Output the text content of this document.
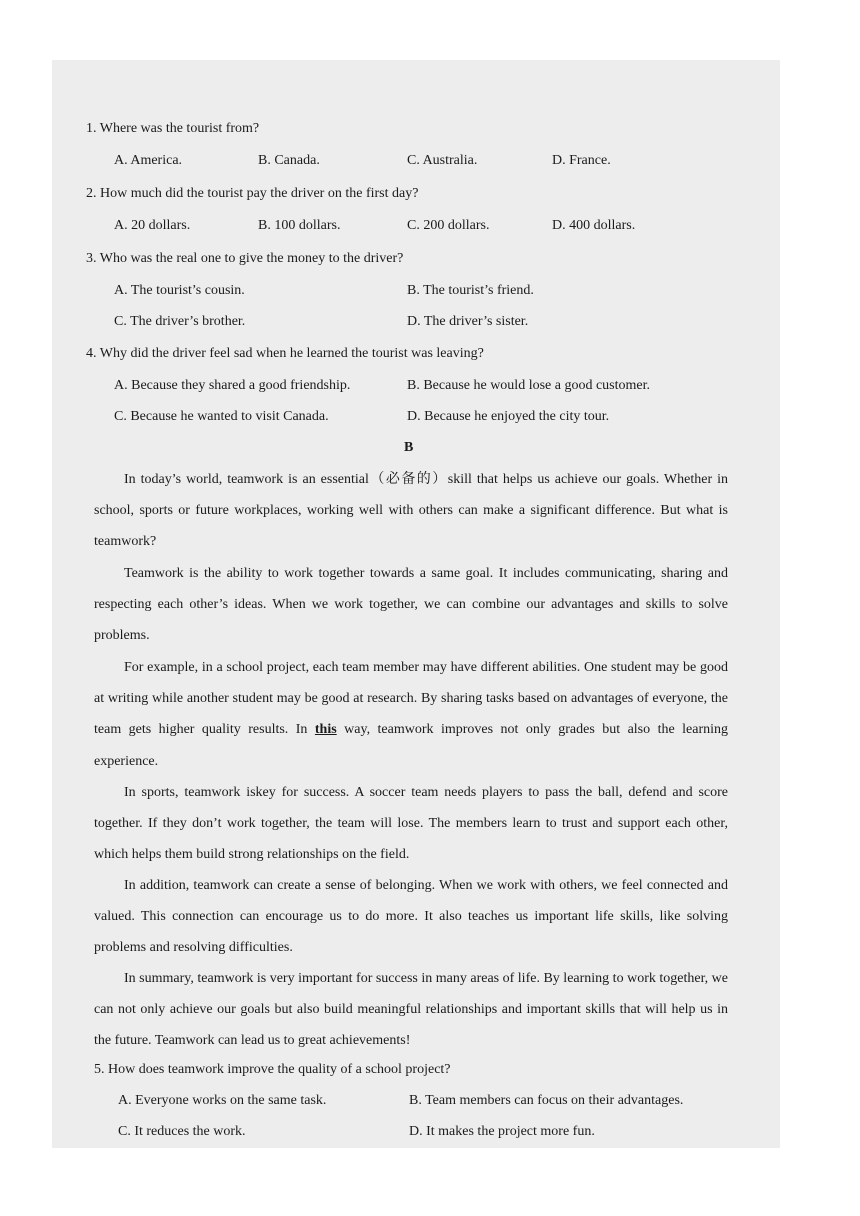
1. Where was the tourist from?
A. America.	B. Canada.	C. Australia.	D. France.
2. How much did the tourist pay the driver on the first day?
A. 20 dollars.	B. 100 dollars.	C. 200 dollars.	D. 400 dollars.
3. Who was the real one to give the money to the driver?
A. The tourist’s cousin.	B. The tourist’s friend.
C. The driver’s brother.	D. The driver’s sister.
4. Why did the driver feel sad when he learned the tourist was leaving?
A. Because they shared a good friendship.	B. Because he would lose a good customer.
C. Because he wanted to visit Canada.	D. Because he enjoyed the city tour.
B
In today’s world, teamwork is an essential（必备的）skill that helps us achieve our goals. Whether in school, sports or future workplaces, working well with others can make a significant difference. But what is teamwork?
Teamwork is the ability to work together towards a same goal. It includes communicating, sharing and respecting each other’s ideas. When we work together, we can combine our advantages and skills to solve problems.
For example, in a school project, each team member may have different abilities. One student may be good at writing while another student may be good at research. By sharing tasks based on advantages of everyone, the team gets higher quality results. In this way, teamwork improves not only grades but also the learning experience.
In sports, teamwork iskey for success. A soccer team needs players to pass the ball, defend and score together. If they don’t work together, the team will lose. The members learn to trust and support each other, which helps them build strong relationships on the field.
In addition, teamwork can create a sense of belonging. When we work with others, we feel connected and valued. This connection can encourage us to do more. It also teaches us important life skills, like solving problems and resolving difficulties.
In summary, teamwork is very important for success in many areas of life. By learning to work together, we can not only achieve our goals but also build meaningful relationships and important skills that will help us in the future. Teamwork can lead us to great achievements!
5. How does teamwork improve the quality of a school project?
A. Everyone works on the same task.	B. Team members can focus on their advantages.
C. It reduces the work.	D. It makes the project more fun.
